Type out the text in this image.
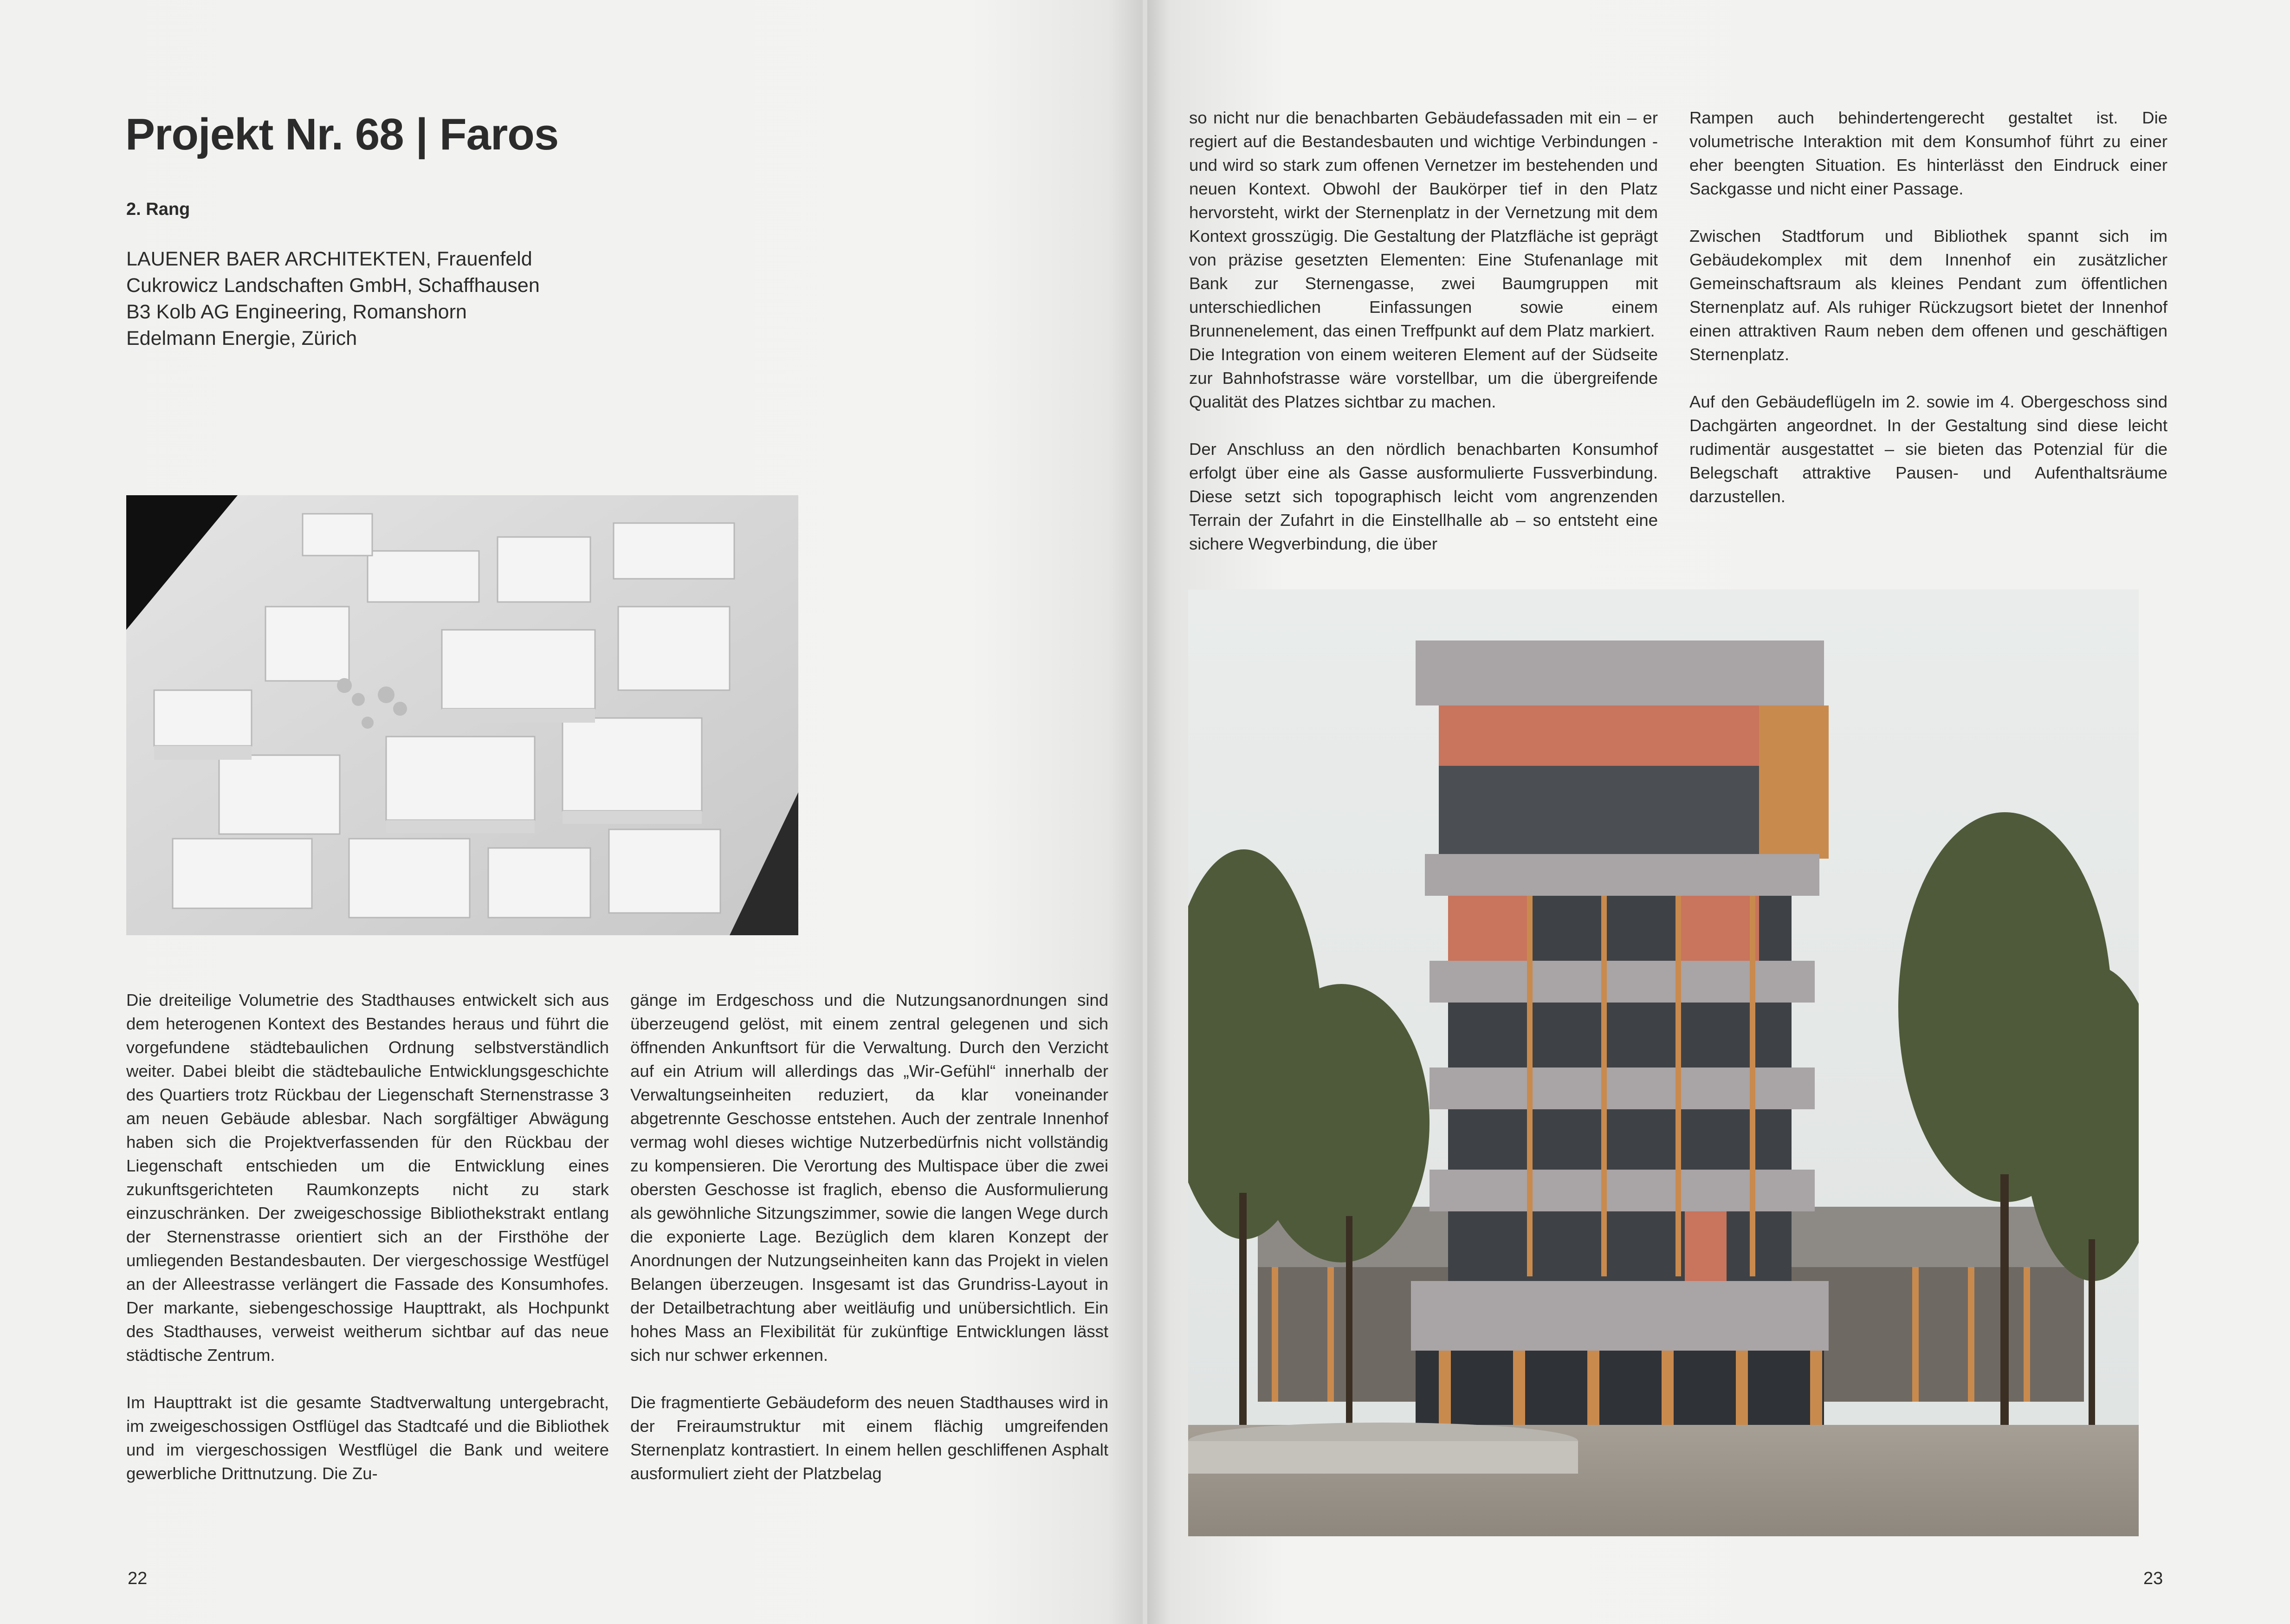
Projekt Nr. 68 | Faros
2. Rang
LAUENER BAER ARCHITEKTEN, Frauenfeld
Cukrowicz Landschaften GmbH, Schaffhausen
B3 Kolb AG Engineering, Romanshorn
Edelmann Energie, Zürich

Die dreiteilige Volumetrie des Stadthauses entwickelt sich aus dem heterogenen Kontext des Bestandes heraus und führt die vorgefundene städtebaulichen Ordnung selbstverständlich weiter. Dabei bleibt die städtebauliche Entwicklungsgeschichte des Quartiers trotz Rückbau der Liegenschaft Sternenstrasse 3 am neuen Gebäude ablesbar. Nach sorgfältiger Abwägung haben sich die Projektverfassenden für den Rückbau der Liegenschaft entschieden um die Entwicklung eines zukunftsgerichteten Raumkonzepts nicht zu stark einzuschränken. Der zweigeschossige Bibliothekstrakt entlang der Sternenstrasse orientiert sich an der Firsthöhe der umliegenden Bestandesbauten. Der viergeschossige Westfügel an der Alleestrasse verlängert die Fassade des Konsumhofes. Der markante, siebengeschossige Haupttrakt, als Hochpunkt des Stadthauses, verweist weitherum sichtbar auf das neue städtische Zentrum.

Im Haupttrakt ist die gesamte Stadtverwaltung untergebracht, im zweigeschossigen Ostflügel das Stadtcafé und die Bibliothek und im viergeschossigen Westflügel die Bank und weitere gewerbliche Drittnutzung. Die Zu-

gänge im Erdgeschoss und die Nutzungsanordnungen sind überzeugend gelöst, mit einem zentral gelegenen und sich öffnenden Ankunftsort für die Verwaltung. Durch den Verzicht auf ein Atrium will allerdings das „Wir-Gefühl“ innerhalb der Verwaltungseinheiten reduziert, da klar voneinander abgetrennte Geschosse entstehen. Auch der zentrale Innenhof vermag wohl dieses wichtige Nutzerbedürfnis nicht vollständig zu kompensieren. Die Verortung des Multispace über die zwei obersten Geschosse ist fraglich, ebenso die Ausformulierung als gewöhnliche Sitzungszimmer, sowie die langen Wege durch die exponierte Lage. Bezüglich dem klaren Konzept der Anordnungen der Nutzungseinheiten kann das Projekt in vielen Belangen überzeugen. Insgesamt ist das Grundriss-Layout in der Detailbetrachtung aber weitläufig und unübersichtlich. Ein hohes Mass an Flexibilität für zukünftige Entwicklungen lässt sich nur schwer erkennen.

Die fragmentierte Gebäudeform des neuen Stadthauses wird in der Freiraumstruktur mit einem flächig umgreifenden Sternenplatz kontrastiert. In einem hellen geschliffenen Asphalt ausformuliert zieht der Platzbelag

22

so nicht nur die benachbarten Gebäudefassaden mit ein – er regiert auf die Bestandesbauten und wichtige Verbindungen - und wird so stark zum offenen Vernetzer im bestehenden und neuen Kontext. Obwohl der Baukörper tief in den Platz hervorsteht, wirkt der Sternenplatz in der Vernetzung mit dem Kontext grosszügig. Die Gestaltung der Platzfläche ist geprägt von präzise gesetzten Elementen: Eine Stufenanlage mit Bank zur Sternengasse, zwei Baumgruppen mit unterschiedlichen Einfassungen sowie einem Brunnenelement, das einen Treffpunkt auf dem Platz markiert.
Die Integration von einem weiteren Element auf der Südseite zur Bahnhofstrasse wäre vorstellbar, um die übergreifende Qualität des Platzes sichtbar zu machen.

Der Anschluss an den nördlich benachbarten Konsumhof erfolgt über eine als Gasse ausformulierte Fussverbindung. Diese setzt sich topographisch leicht vom angrenzenden Terrain der Zufahrt in die Einstellhalle ab – so entsteht eine sichere Wegverbindung, die über

Rampen auch behindertengerecht gestaltet ist. Die volumetrische Interaktion mit dem Konsumhof führt zu einer eher beengten Situation. Es hinterlässt den Eindruck einer Sackgasse und nicht einer Passage.

Zwischen Stadtforum und Bibliothek spannt sich im Gebäudekomplex mit dem Innenhof ein zusätzlicher Gemeinschaftsraum als kleines Pendant zum öffentlichen Sternenplatz auf. Als ruhiger Rückzugsort bietet der Innenhof einen attraktiven Raum neben dem offenen und geschäftigen Sternenplatz.

Auf den Gebäudeflügeln im 2. sowie im 4. Obergeschoss sind Dachgärten angeordnet. In der Gestaltung sind diese leicht rudimentär ausgestattet – sie bieten das Potenzial für die Belegschaft attraktive Pausen- und Aufenthaltsräume darzustellen.

23
